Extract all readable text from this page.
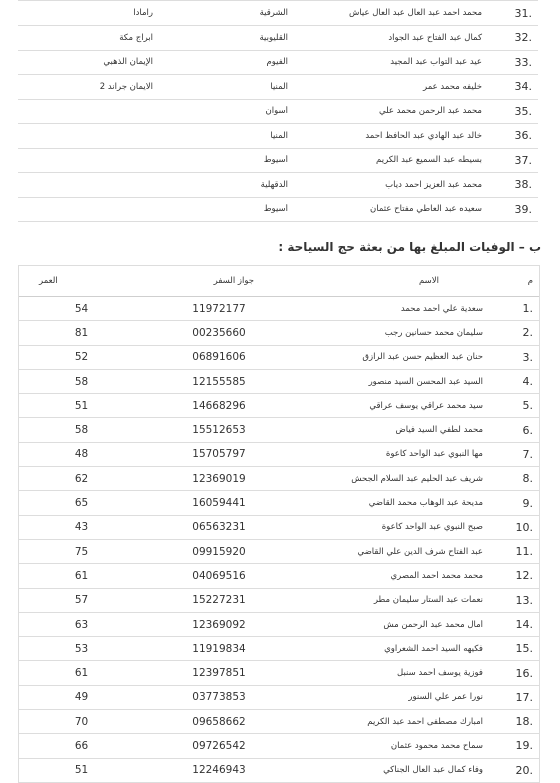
31.
محمد احمد عبد العال عبد العال عياش
الشرقية
رامادا
32.
كمال عبد الفتاح عبد الجواد
القليوبية
ابراج مكة
33.
عيد عبد التواب عبد المجيد
الفيوم
الإيمان الذهبي
34.
خليفه محمد عمر
المنيا
الايمان جراند 2
35.
محمد عبد الرحمن محمد علي
أسوان
36.
خالد عبد الهادي عبد الحافظ احمد
المنيا
37.
بسيطه عبد السميع عبد الكريم
أسيوط
38.
محمد عبد العزيز احمد دياب
الدقهلية
39.
سعيده عبد العاطي مفتاح عثمان
أسيوط
ب – الوفيات المبلغ بها من بعثة حج السياحة :
م
الاسم
جواز السفر
العمر
1.
سعدية علي أحمد محمد
11972177
54
2.
سليمان محمد حسانين رجب
00235660
81
3.
حنان عبد العظيم حسن عبد الرازق
06891606
52
4.
السيد عبد المحسن السيد منصور
12155585
58
5.
سيد محمد عراقي يوسف عراقي
14668296
51
6.
محمد لطفي السيد فياض
15512653
58
7.
مها النبوي عبد الواحد كاعوة
15705797
48
8.
شريف عبد الحليم عبد السلام الجحش
12369019
62
9.
مديحة عبد الوهاب محمد القاضي
16059441
65
10.
صبح النبوي عبد الواحد كاعوة
06563231
43
11.
عبد الفتاح شرف الدين علي القاضي
09915920
75
12.
محمد محمد أحمد المصري
04069516
61
13.
نعمات عبد الستار سليمان مطر
15227231
57
14.
أمال محمد عبد الرحمن مش
12369092
63
15.
فكيهه السيد أحمد الشعراوي
11919834
53
16.
فوزية يوسف أحمد سنبل
12397851
61
17.
نورا عمر علي السنور
03773853
49
18.
امبارك مصطفى احمد عبد الكريم
09658662
70
19.
سماح محمد محمود عثمان
09726542
66
20.
وفاء كمال عبد العال الجناكي
12246943
51
